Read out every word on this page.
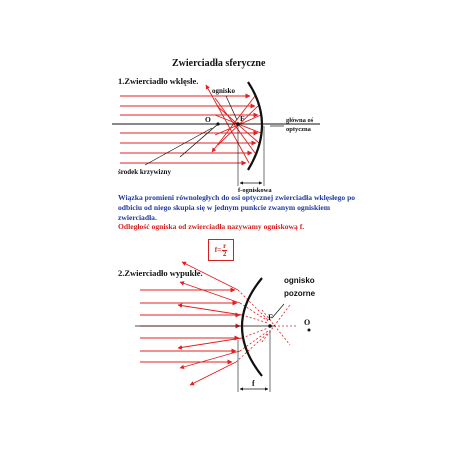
Zwierciadła sferyczne
1.Zwierciadło wklęsłe.
ognisko
O	F	główna oś
optyczna
środek krzywizny
f-ogniskowa
ognisko
pozorne
F
O
f
Wiązka promieni równoległych do osi optycznej zwierciadła wklęsłego po odbiciu od niego skupia się w jednym punkcie zwanym ogniskiem zwierciadła.
Odległość ogniska od zwierciadła nazywamy ogniskową f.
$f= \frac{r}{2}$
2.Zwierciadło wypukłe.
